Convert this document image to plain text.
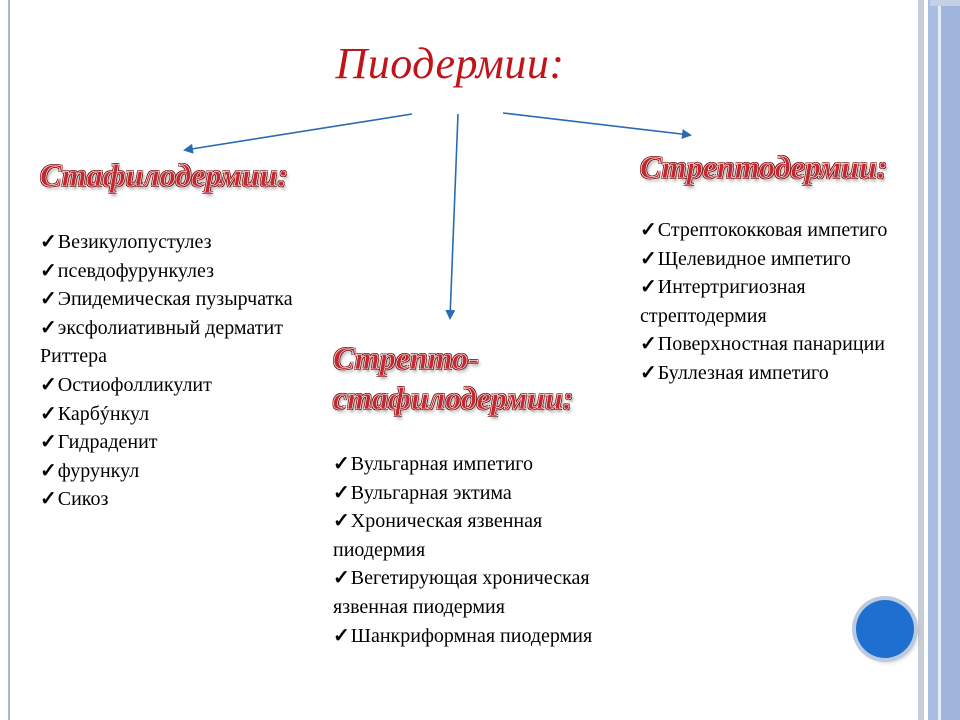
Пиодермии:
Стафилодермии:
Стрепто-
стафилодермии:
Стрептодермии:
✓Везикулопустулез
✓псевдофурункулез
✓Эпидемическая пузырчатка
✓эксфолиативный дерматит Риттера
✓Остиофолликулит
✓Карбýнкул
✓Гидраденит
✓фурункул
✓Сикоз
✓Вульгарная импетиго
✓Вульгарная эктима
✓Хроническая язвенная пиодермия
✓Вегетирующая хроническая язвенная пиодермия
✓Шанкриформная пиодермия
✓Стрептококковая импетиго
✓Щелевидное импетиго
✓Интертригиозная стрептодермия
✓Поверхностная панариции
✓Буллезная импетиго
